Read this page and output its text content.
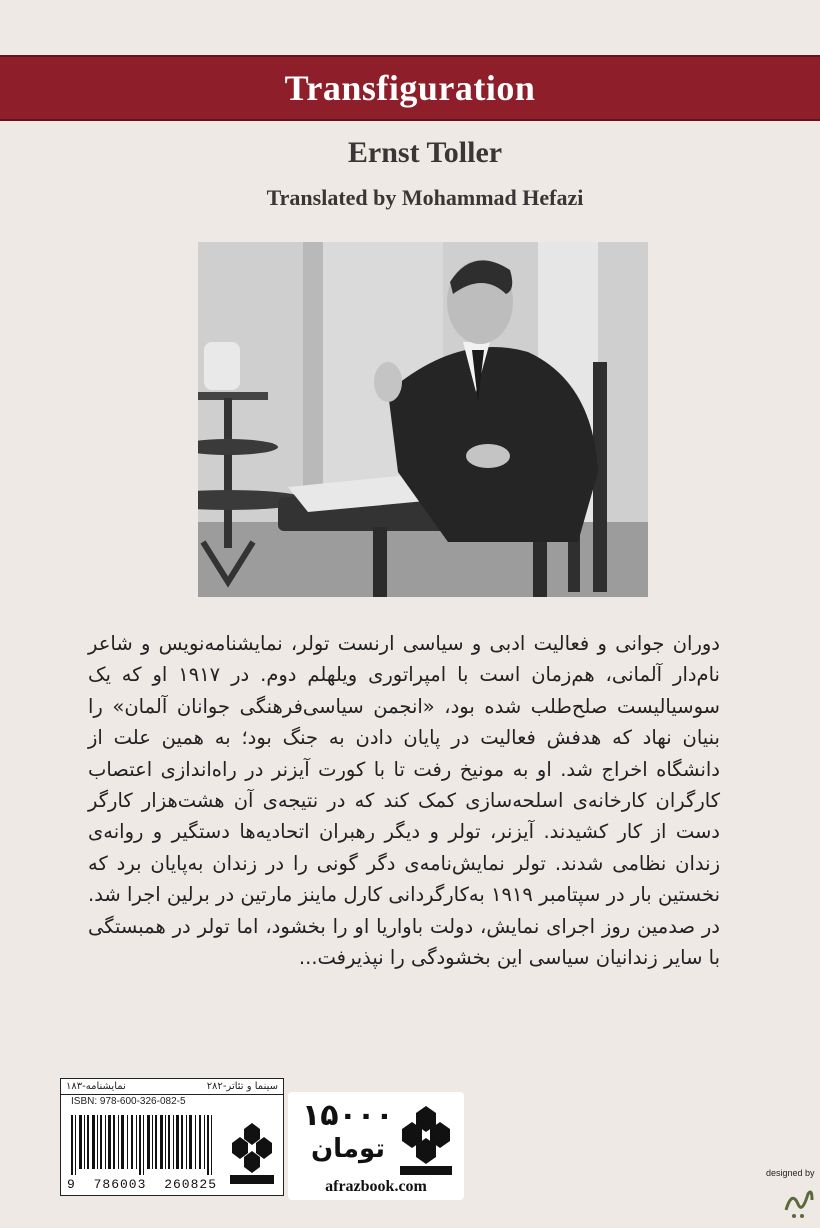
Transfiguration
Ernst Toller
Translated by Mohammad Hefazi
دوران جوانی و فعالیت ادبی و سیاسی ارنست تولر، نمایشنامه‌نویس و شاعر نام‌دار آلمانی، هم‌زمان است با امپراتوری ویلهلم دوم. در ۱۹۱۷ او که یک سوسیالیست صلح‌طلب شده بود، «انجمن سیاسی‌فرهنگی جوانان آلمان» را بنیان نهاد که هدفش فعالیت در پایان دادن به جنگ بود؛ به همین علت از دانشگاه اخراج شد. او به مونیخ رفت تا با کورت آیزنر در راه‌اندازی اعتصاب کارگران کارخانه‌ی اسلحه‌سازی کمک کند که در نتیجه‌ی آن هشت‌هزار کارگر دست از کار کشیدند. آیزنر، تولر و دیگر رهبران اتحادیه‌ها دستگیر و روانه‌ی زندان نظامی شدند. تولر نمایش‌نامه‌ی دگر گونی را در زندان به‌پایان برد که نخستین بار در سپتامبر ۱۹۱۹ به‌کارگردانی کارل ماینز مارتین در برلین اجرا شد. در صدمین روز اجرای نمایش، دولت باواریا او را بخشود، اما تولر در همبستگی با سایر زندانیان سیاسی این بخشودگی را نپذیرفت...
سینما و تئاتر-۲۸۲
نمایشنامه-۱۸۳
ISBN: 978-600-326-082-5
9 786003 260825
۱۵۰۰۰
تومان
afrazbook.com
designed by
